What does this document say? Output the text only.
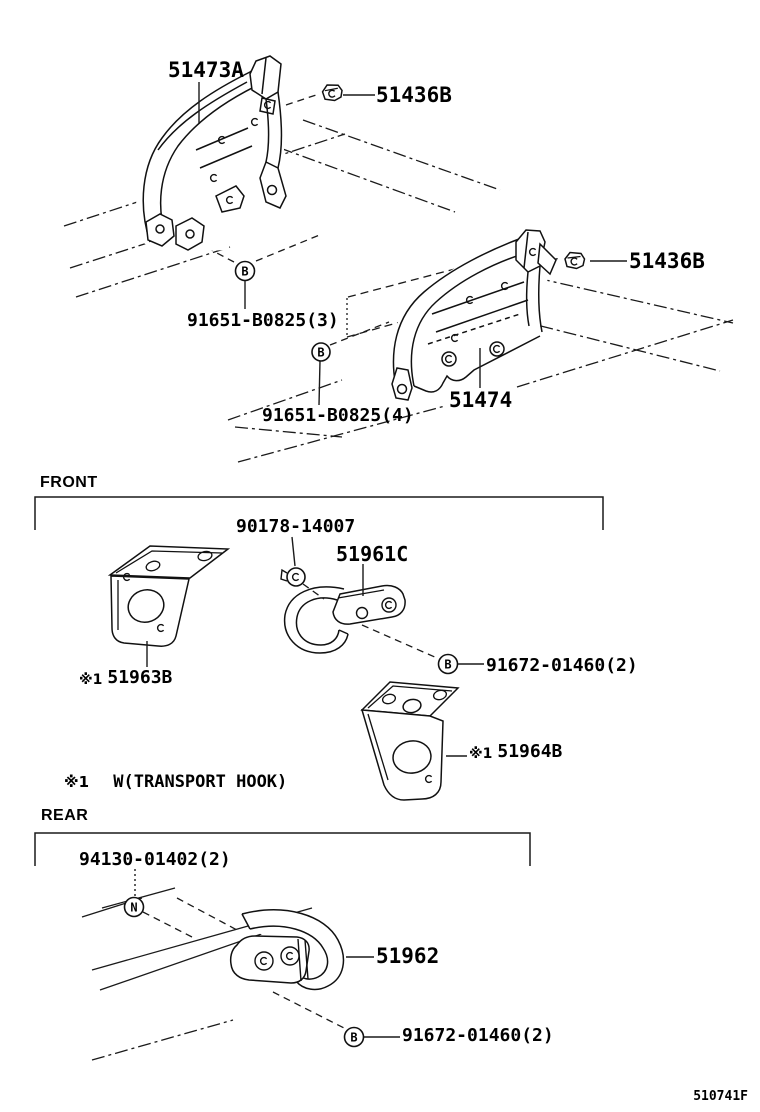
B
B
B
N
B
51473A
51436B
91651-B0825(3)
51436B
51474
91651-B0825(4)
FRONT
90178-14007
51961C
91672-01460(2)
※1 51963B
※1 51964B
※1 W(TRANSPORT HOOK)
REAR
94130-01402(2)
51962
91672-01460(2)
510741F
